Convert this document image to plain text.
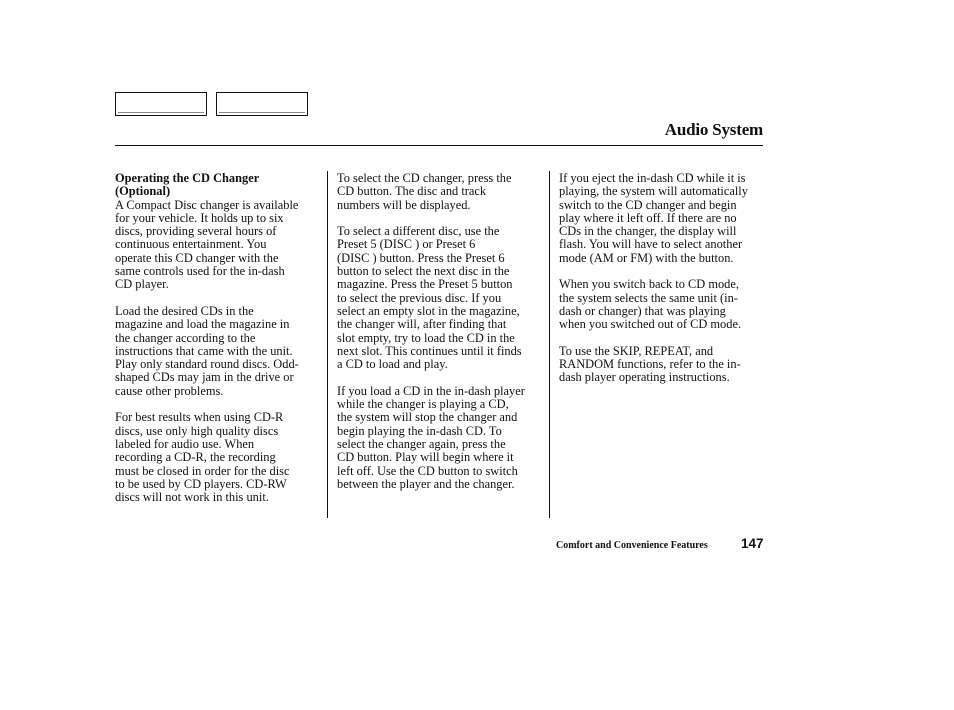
Audio System

Operating the CD Changer
(Optional)

A Compact Disc changer is available
for your vehicle. It holds up to six
discs, providing several hours of
continuous entertainment. You
operate this CD changer with the
same controls used for the in-dash
CD player.

Load the desired CDs in the
magazine and load the magazine in
the changer according to the
instructions that came with the unit.
Play only standard round discs. Odd-
shaped CDs may jam in the drive or
cause other problems.

For best results when using CD-R
discs, use only high quality discs
labeled for audio use. When
recording a CD-R, the recording
must be closed in order for the disc
to be used by CD players. CD-RW
discs will not work in this unit.

To select the CD changer, press the
CD button. The disc and track
numbers will be displayed.

To select a different disc, use the
Preset 5 (DISC ) or Preset 6
(DISC ) button. Press the Preset 6
button to select the next disc in the
magazine. Press the Preset 5 button
to select the previous disc. If you
select an empty slot in the magazine,
the changer will, after finding that
slot empty, try to load the CD in the
next slot. This continues until it finds
a CD to load and play.

If you load a CD in the in-dash player
while the changer is playing a CD,
the system will stop the changer and
begin playing the in-dash CD. To
select the changer again, press the
CD button. Play will begin where it
left off. Use the CD button to switch
between the player and the changer.

If you eject the in-dash CD while it is
playing, the system will automatically
switch to the CD changer and begin
play where it left off. If there are no
CDs in the changer, the display will
flash. You will have to select another
mode (AM or FM) with the button.

When you switch back to CD mode,
the system selects the same unit (in-
dash or changer) that was playing
when you switched out of CD mode.

To use the SKIP, REPEAT, and
RANDOM functions, refer to the in-
dash player operating instructions.

Comfort and Convenience Features 147
